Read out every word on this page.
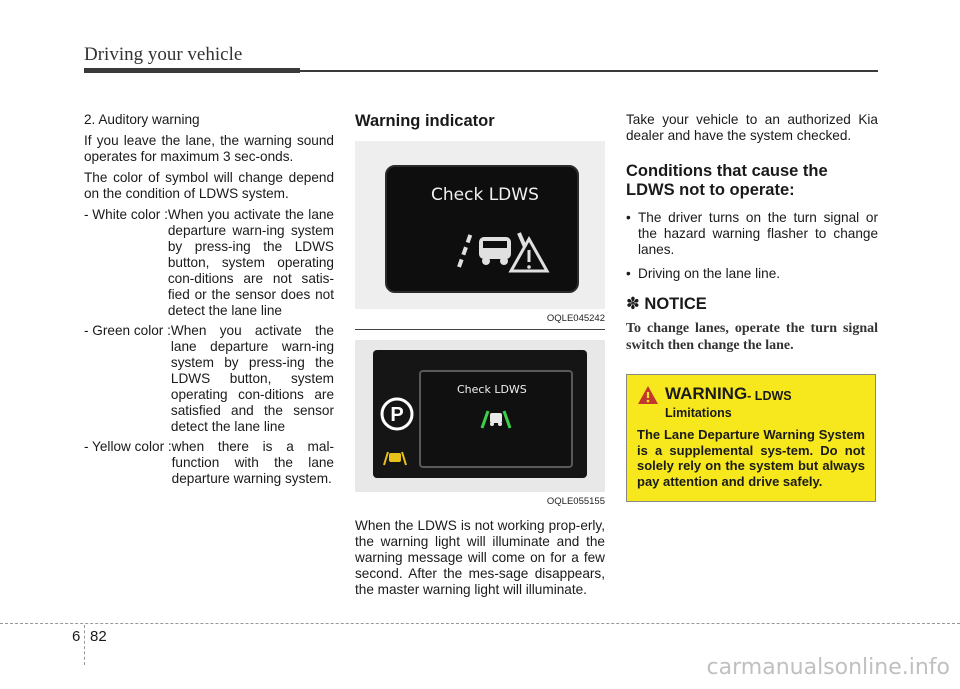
Driving your vehicle

2. Auditory warning

If you leave the lane, the warning sound operates for maximum 3 sec-onds.

The color of symbol will change depend on the condition of LDWS system.

- White color : When you activate the lane departure warn-ing system by press-ing the LDWS button, system operating con-ditions are not satis-fied or the sensor does not detect the lane line
- Green color : When you activate the lane departure warn-ing system by press-ing the LDWS button, system operating con-ditions are satisfied and the sensor detect the lane line
- Yellow color : when there is a mal-function with the lane departure warning system.
Warning indicator
Check LDWS
OQLE045242
P
Check LDWS
OQLE055155

When the LDWS is not working prop-erly, the warning light will illuminate and the warning message will come on for a few second. After the mes-sage disappears, the master warning light will illuminate.

Take your vehicle to an authorized Kia dealer and have the system checked.

Conditions that cause the LDWS not to operate:
• The driver turns on the turn signal or the hazard warning flasher to change lanes.
• Driving on the lane line.
✽ NOTICE
To change lanes, operate the turn signal switch then change the lane.
WARNING - LDWS
Limitations
The Lane Departure Warning System is a supplemental sys-tem. Do not solely rely on the system but always pay attention and drive safely.
6 82
carmanualsonline.info
